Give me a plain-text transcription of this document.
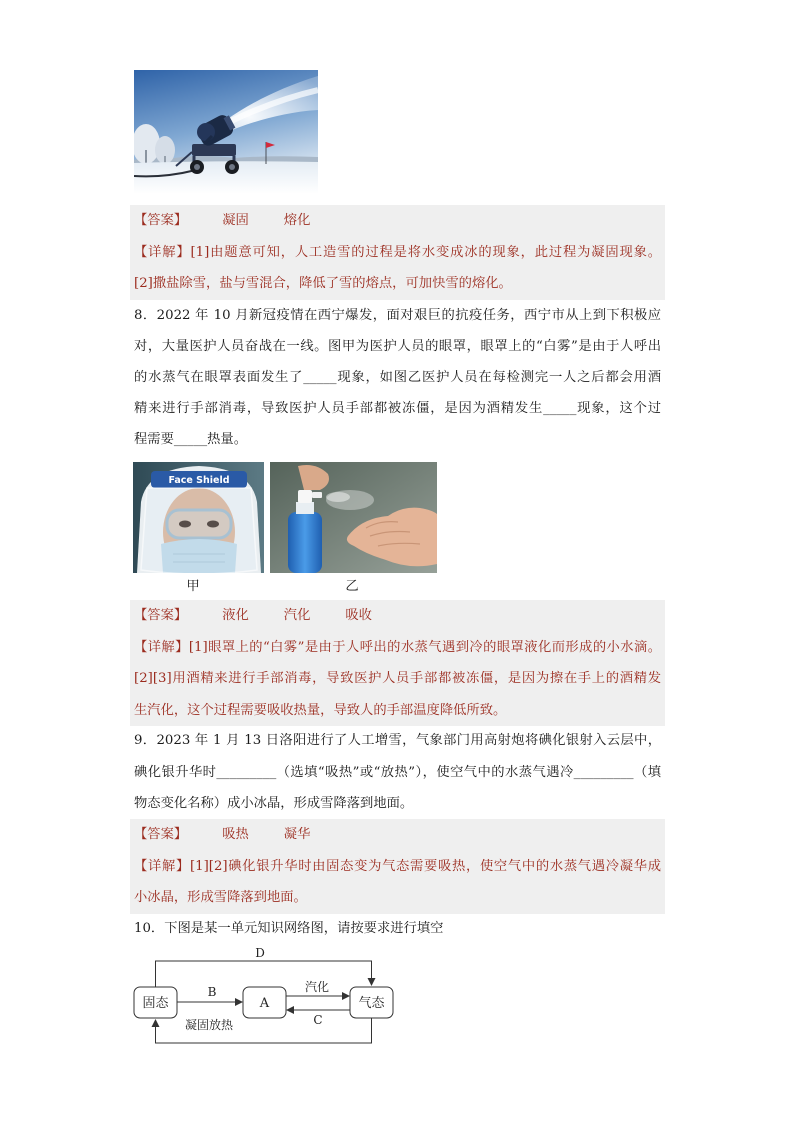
【答案】	凝固	熔化
【详解】[1]由题意可知，人工造雪的过程是将水变成冰的现象，此过程为凝固现象。
[2]撒盐除雪，盐与雪混合，降低了雪的熔点，可加快雪的熔化。
8．2022 年 10 月新冠疫情在西宁爆发，面对艰巨的抗疫任务，西宁市从上到下积极应
对，大量医护人员奋战在一线。图甲为医护人员的眼罩，眼罩上的“白雾”是由于人呼出
的水蒸气在眼罩表面发生了_____现象，如图乙医护人员在每检测完一人之后都会用酒
精来进行手部消毒，导致医护人员手部都被冻僵，是因为酒精发生_____现象，这个过
程需要_____热量。
Face Shield
甲	乙
【答案】	液化	汽化	吸收
【详解】[1]眼罩上的“白雾”是由于人呼出的水蒸气遇到冷的眼罩液化而形成的小水滴。
[2][3]用酒精来进行手部消毒，导致医护人员手部都被冻僵，是因为擦在手上的酒精发
生汽化，这个过程需要吸收热量，导致人的手部温度降低所致。
9．2023 年 1 月 13 日洛阳进行了人工增雪，气象部门用高射炮将碘化银射入云层中，
碘化银升华时_________（选填“吸热”或“放热”），使空气中的水蒸气遇冷_________（填
物态变化名称）成小冰晶，形成雪降落到地面。
【答案】	吸热	凝华
【详解】[1][2]碘化银升华时由固态变为气态需要吸热，使空气中的水蒸气遇冷凝华成
小冰晶，形成雪降落到地面。
10．下图是某一单元知识网络图，请按要求进行填空
D
固态	A	气态
B	汽化
C
凝固放热
